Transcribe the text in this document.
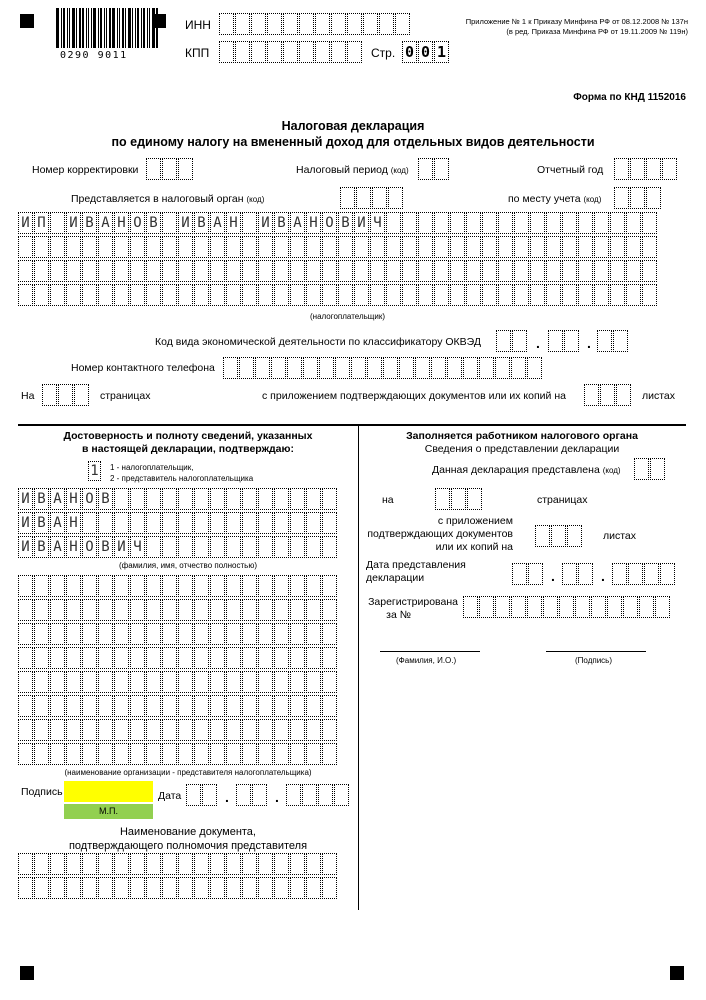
0290 9011
ИНН
КПП	Стр. 0 0 1
Приложение № 1 к Приказу Минфина РФ от 08.12.2008 № 137н
(в ред. Приказа Минфина РФ от 19.11.2009 № 119н)
Форма по КНД 1152016
Налоговая декларация
по единому налогу на вмененный доход для отдельных видов деятельности
Номер корректировки	Налоговый период (код)	Отчетный год
Представляется в налоговый орган (код)	по месту учета (код)
И П И В А Н О В И В А Н И В А Н О В И Ч
(налогоплательщик)
Код вида экономической деятельности по классификатору ОКВЭД	.	.
Номер контактного телефона
На	страницах	с приложением подтверждающих документов или их копий на	листах
Достоверность и полноту сведений, указанных
в настоящей декларации, подтверждаю:
1 1 - налогоплательщик,
2 - представитель налогоплательщика
И В А Н О В
И В А Н
И В А Н О В И Ч
(фамилия, имя, отчество полностью)
(наименование организации - представителя налогоплательщика)
Подпись	Дата	.	.
М.П.
Наименование документа,
подтверждающего полномочия представителя
Заполняется работником налогового органа
Сведения о представлении декларации
Данная декларация представлена (код)
на	страницах
с приложением
подтверждающих документов
или их копий на
листах
Дата представления
декларации	.	.
Зарегистрирована
за №
(Фамилия, И.О.)	(Подпись)
